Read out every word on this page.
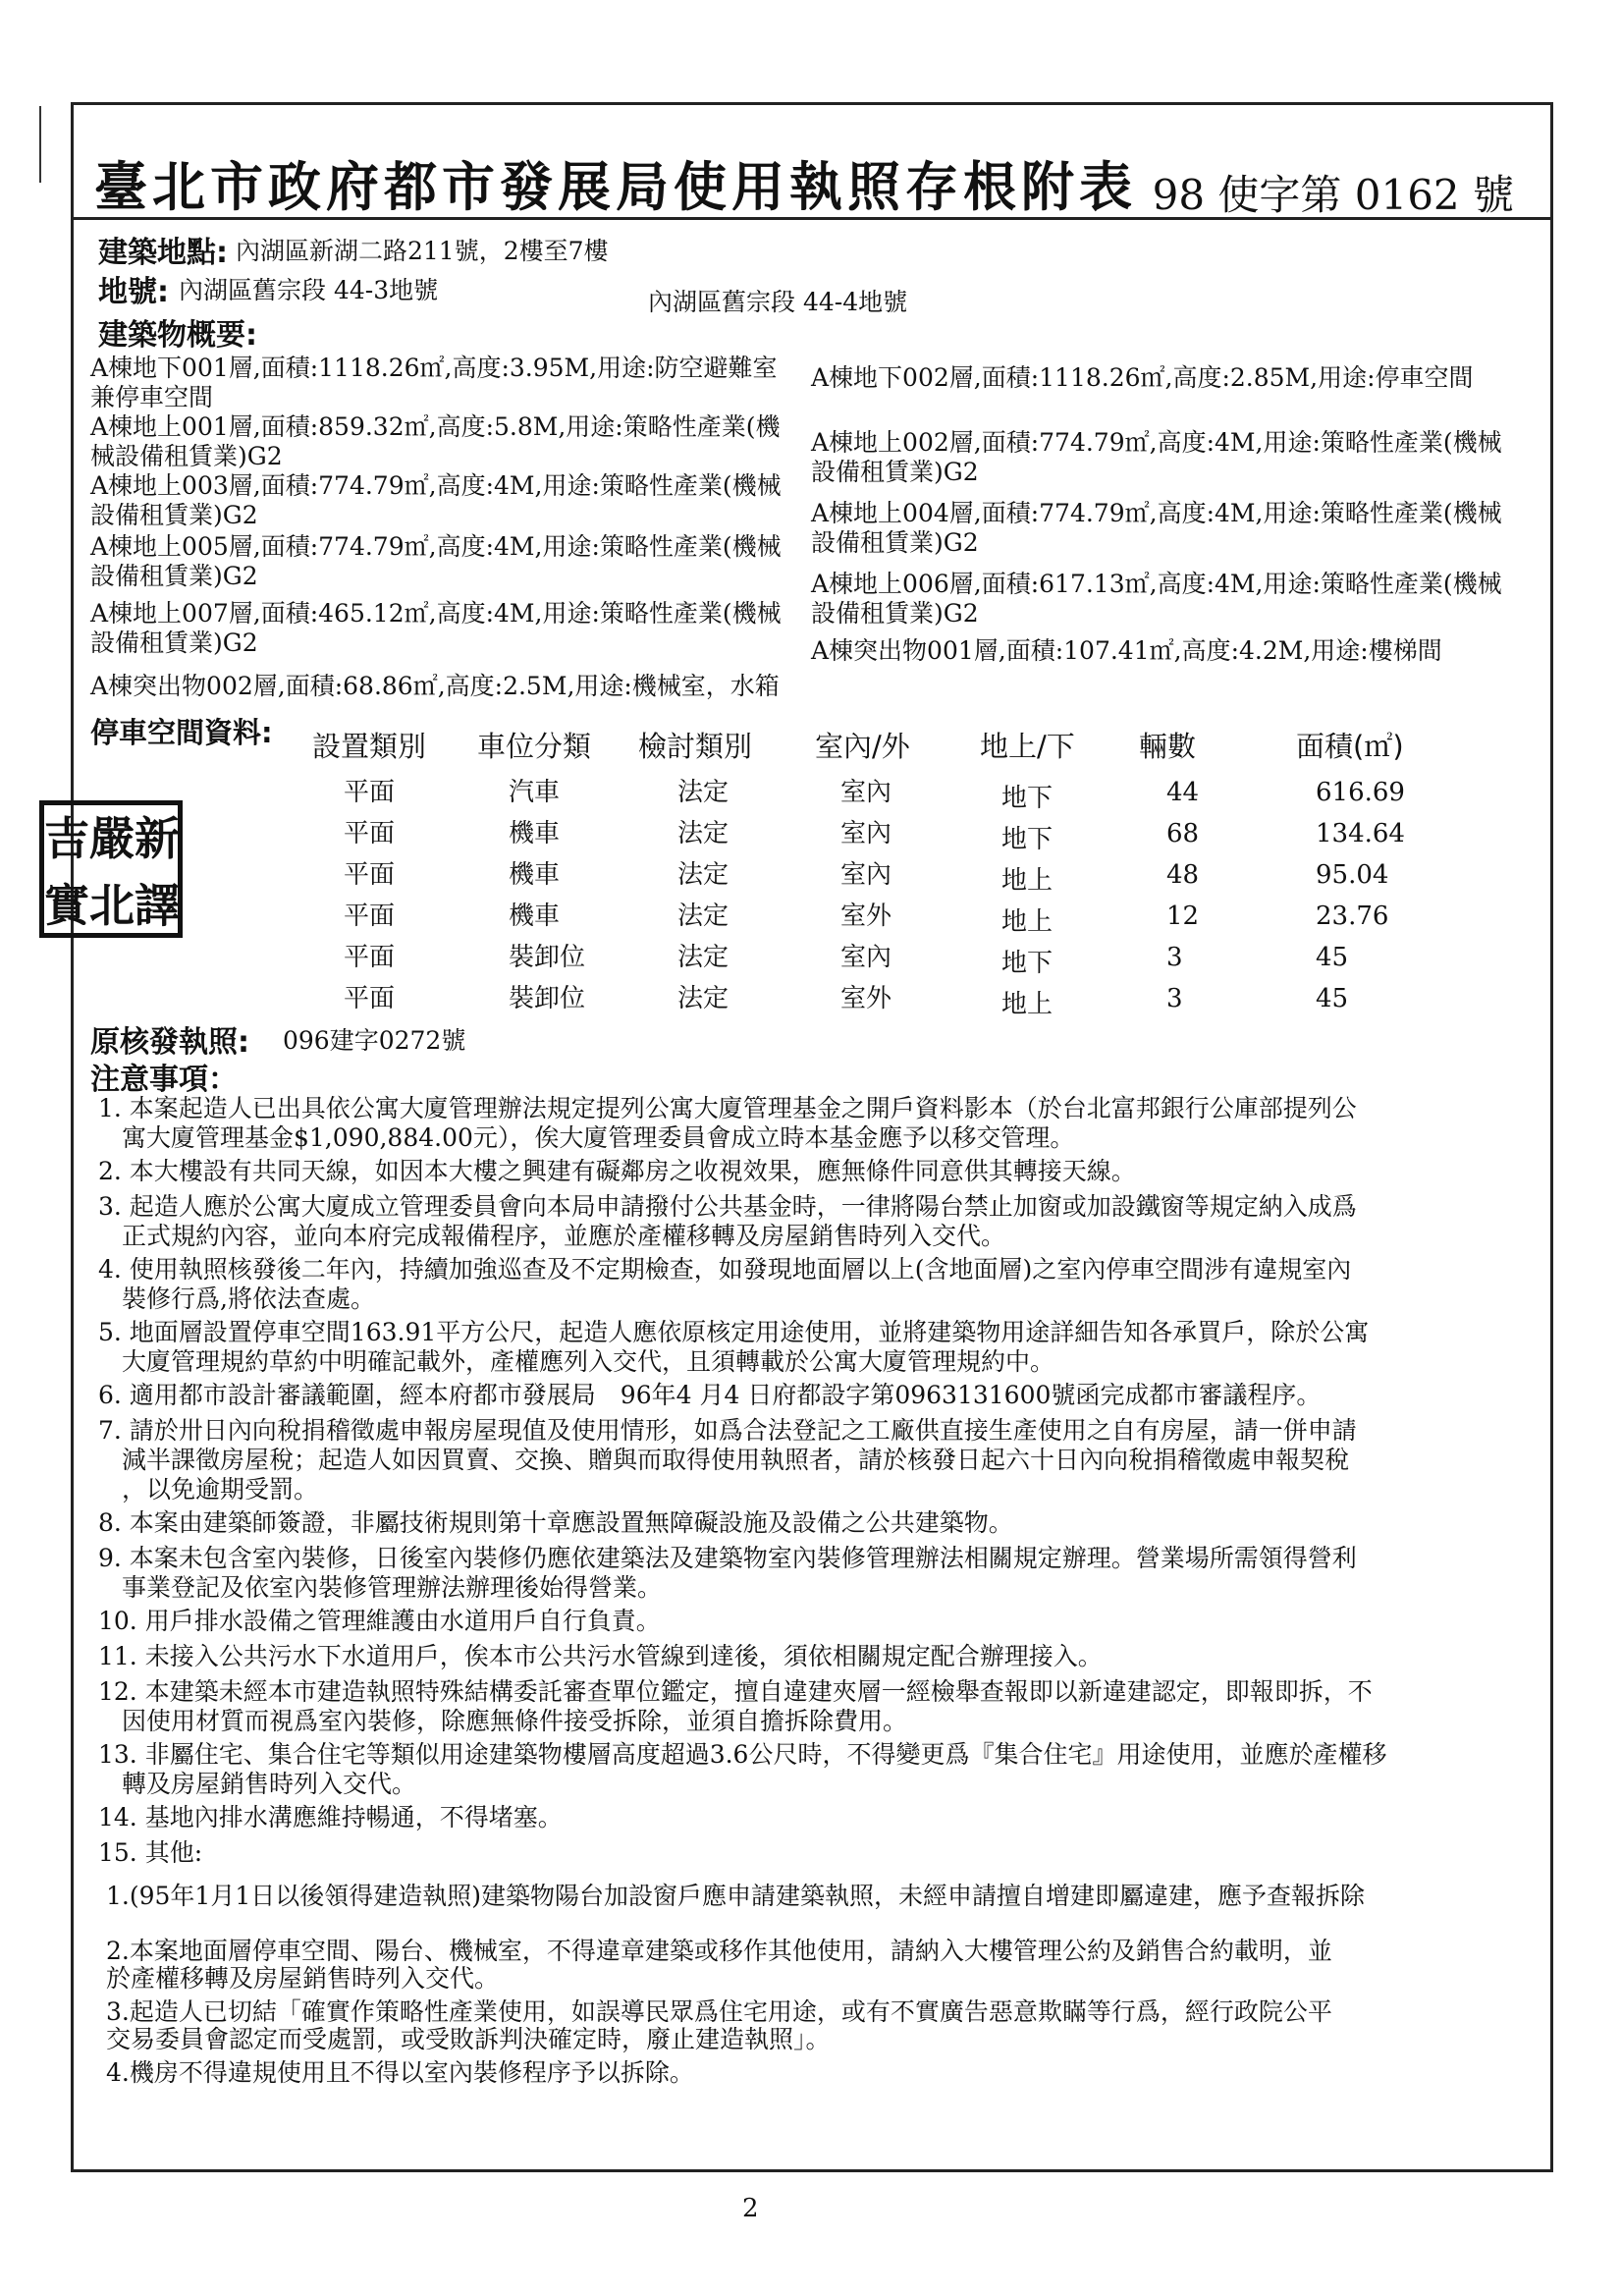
臺北市政府都市發展局使用執照存根附表 98 使字第 0162 號
建築地點: 內湖區新湖二路211號，2樓至7樓
地號: 內湖區舊宗段 44-3地號	內湖區舊宗段 44-4地號
建築物概要:
停車空間資料:
吉 嚴 新
實 北 譯
原核發執照: 096建字0272號
注意事項：
2
A棟地下001層,面積:1118.26㎡,高度:3.95M,用途:防空避難室
兼停車空間
A棟地上001層,面積:859.32㎡,高度:5.8M,用途:策略性產業(機
械設備租賃業)G2
A棟地上003層,面積:774.79㎡,高度:4M,用途:策略性產業(機械
設備租賃業)G2
A棟地上005層,面積:774.79㎡,高度:4M,用途:策略性產業(機械
設備租賃業)G2
A棟地上007層,面積:465.12㎡,高度:4M,用途:策略性產業(機械
設備租賃業)G2
A棟突出物002層,面積:68.86㎡,高度:2.5M,用途:機械室，水箱
A棟地下002層,面積:1118.26㎡,高度:2.85M,用途:停車空間
A棟地上002層,面積:774.79㎡,高度:4M,用途:策略性產業(機械
設備租賃業)G2
A棟地上004層,面積:774.79㎡,高度:4M,用途:策略性產業(機械
設備租賃業)G2
A棟地上006層,面積:617.13㎡,高度:4M,用途:策略性產業(機械
設備租賃業)G2
A棟突出物001層,面積:107.41㎡,高度:4.2M,用途:樓梯間
設置類別 車位分類 檢討類別 室內/外 地上/下 輛數	面積(㎡)
平面	汽車	法定	室內	地下	44	616.69
平面	機車	法定	室內	地下	68	134.64
平面	機車	法定	室內	地上	48	95.04
平面	機車	法定	室外	地上	12	23.76
平面	裝卸位	法定	室內	地下	3	45
平面	裝卸位	法定	室外	地上	3	45
1. 本案起造人已出具依公寓大廈管理辦法規定提列公寓大廈管理基金之開戶資料影本（於台北富邦銀行公庫部提列公
寓大廈管理基金$1,090,884.00元），俟大廈管理委員會成立時本基金應予以移交管理。
2. 本大樓設有共同天線，如因本大樓之興建有礙鄰房之收視效果，應無條件同意供其轉接天線。
3. 起造人應於公寓大廈成立管理委員會向本局申請撥付公共基金時，一律將陽台禁止加窗或加設鐵窗等規定納入成爲
正式規約內容，並向本府完成報備程序，並應於產權移轉及房屋銷售時列入交代。
4. 使用執照核發後二年內，持續加強巡查及不定期檢查，如發現地面層以上(含地面層)之室內停車空間涉有違規室內
裝修行爲,將依法查處。
5. 地面層設置停車空間163.91平方公尺，起造人應依原核定用途使用，並將建築物用途詳細告知各承買戶，除於公寓
大廈管理規約草約中明確記載外，產權應列入交代，且須轉載於公寓大廈管理規約中。
6. 適用都市設計審議範圍，經本府都市發展局　96年4 月4 日府都設字第0963131600號函完成都市審議程序。
7. 請於卅日內向稅捐稽徵處申報房屋現值及使用情形，如爲合法登記之工廠供直接生產使用之自有房屋，請一併申請
減半課徵房屋稅；起造人如因買賣、交換、贈與而取得使用執照者，請於核發日起六十日內向稅捐稽徵處申報契稅
，以免逾期受罰。
8. 本案由建築師簽證，非屬技術規則第十章應設置無障礙設施及設備之公共建築物。
9. 本案未包含室內裝修，日後室內裝修仍應依建築法及建築物室內裝修管理辦法相關規定辦理。營業場所需領得營利
事業登記及依室內裝修管理辦法辦理後始得營業。
10. 用戶排水設備之管理維護由水道用戶自行負責。
11. 未接入公共污水下水道用戶，俟本市公共污水管線到達後，須依相關規定配合辦理接入。
12. 本建築未經本市建造執照特殊結構委託審查單位鑑定，擅自違建夾層一經檢舉查報即以新違建認定，即報即拆，不
因使用材質而視爲室內裝修，除應無條件接受拆除，並須自擔拆除費用。
13. 非屬住宅、集合住宅等類似用途建築物樓層高度超過3.6公尺時，不得變更爲『集合住宅』用途使用，並應於產權移
轉及房屋銷售時列入交代。
14. 基地內排水溝應維持暢通，不得堵塞。
15. 其他:
1.(95年1月1日以後領得建造執照)建築物陽台加設窗戶應申請建築執照，未經申請擅自增建即屬違建，應予查報拆除
2.本案地面層停車空間、陽台、機械室，不得違章建築或移作其他使用，請納入大樓管理公約及銷售合約載明，並
於產權移轉及房屋銷售時列入交代。
3.起造人已切結「確實作策略性產業使用，如誤導民眾爲住宅用途，或有不實廣告惡意欺瞞等行爲，經行政院公平
交易委員會認定而受處罰，或受敗訴判決確定時，廢止建造執照」。
4.機房不得違規使用且不得以室內裝修程序予以拆除。
